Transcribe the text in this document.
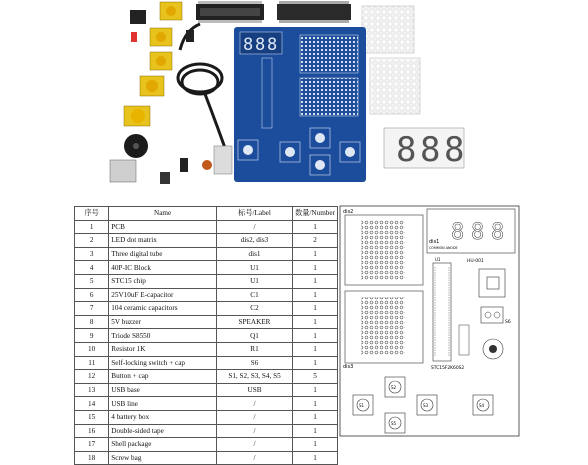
8 8 8
8 8 8
序号	Name	标号/Label	数量/Number
1	PCB	/	1
2	LED dot matrix	dis2, dis3	2
3	Three digital tube	dis1	1
4	40P-IC Block	U1	1
5	STC15 chip	U1	1
6	25V10uF E-capacitor	C1	1
7	104 ceramic capacitors	C2	1
8	5V buzzer	SPEAKER	1
9	Triode S8550	Q1	1
10	Resistor 1K	R1	1
11	Self-locking switch + cap	S6	1
12	Button + cap	S1, S2, S3, S4, S5	5
13	USB base	USB	1
14	USB line	/	1
15	4 battery box	/	1
16	Double-sided tape	/	1
17	Shell package	/	1
18	Screw bag	/	1
dis2
dis1
COMMON ANODE
8 8 8
HU-001
dis3
U1
STC15F2K60S2
S6
S2
S1	S3
S5
S4
